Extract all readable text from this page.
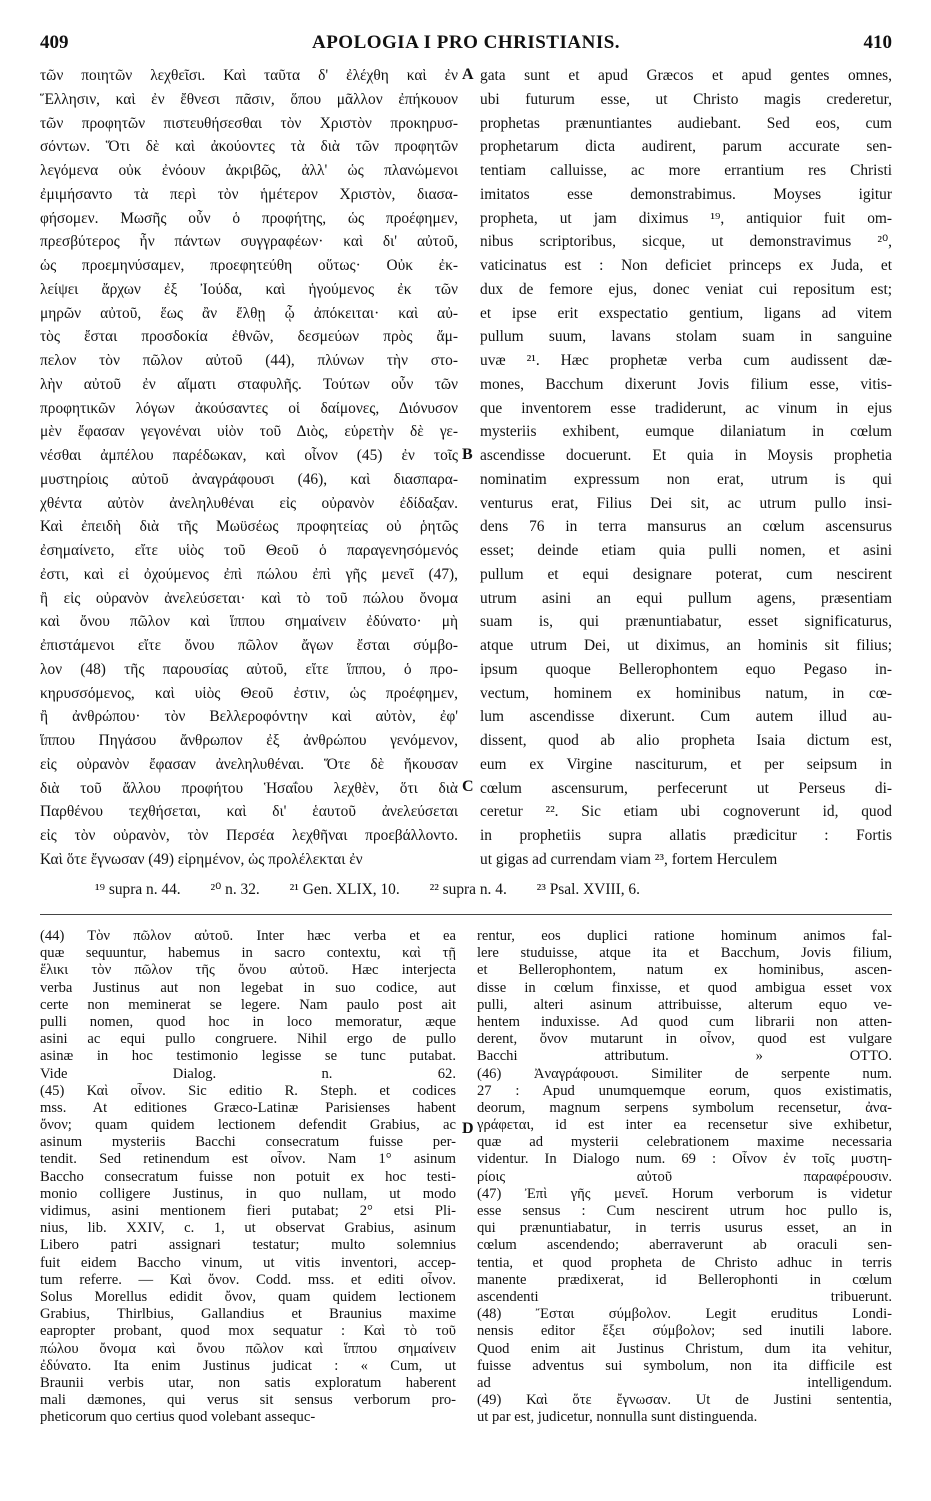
409	APOLOGIA I PRO CHRISTIANIS.	410
τῶν ποιητῶν λεχθεῖσι. Καὶ ταῦτα δ' ἐλέχθη καὶ ἐν
Ἕλλησιν, καὶ ἐν ἔθνεσι πᾶσιν, ὅπου μᾶλλον ἐπήκουον
τῶν προφητῶν πιστευθήσεσθαι τὸν Χριστὸν προκηρυσ-
σόντων. Ὅτι δὲ καὶ ἀκούοντες τὰ διὰ τῶν προφητῶν
λεγόμενα οὐκ ἐνόουν ἀκριβῶς, ἀλλ' ὡς πλανώμενοι
ἐμιμήσαντο τὰ περὶ τὸν ἡμέτερον Χριστὸν, διασα-
φήσομεν. Μωσῆς οὖν ὁ προφήτης, ὡς προέφημεν,
πρεσβύτερος ἦν πάντων συγγραφέων· καὶ δι' αὐτοῦ,
ὡς προεμηνύσαμεν, προεφητεύθη οὕτως· Οὐκ ἐκ-
λείψει ἄρχων ἐξ Ἰούδα, καὶ ἡγούμενος ἐκ τῶν
μηρῶν αὐτοῦ, ἕως ἂν ἔλθῃ ᾧ ἀπόκειται· καὶ αὐ-
τὸς ἔσται προσδοκία ἐθνῶν, δεσμεύων πρὸς ἄμ-
πελον τὸν πῶλον αὐτοῦ (44), πλύνων τὴν στο-
λὴν αὐτοῦ ἐν αἵματι σταφυλῆς. Τούτων οὖν τῶν
προφητικῶν λόγων ἀκούσαντες οἱ δαίμονες, Διόνυσον
μὲν ἔφασαν γεγονέναι υἱὸν τοῦ Διὸς, εὑρετὴν δὲ γε-
νέσθαι ἀμπέλου παρέδωκαν, καὶ οἶνον (45) ἐν τοῖς
μυστηρίοις αὐτοῦ ἀναγράφουσι (46), καὶ διασπαρα-
χθέντα αὐτὸν ἀνεληλυθέναι εἰς οὐρανὸν ἐδίδαξαν.
Καὶ ἐπειδὴ διὰ τῆς Μωϋσέως προφητείας οὐ ῥητῶς
ἐσημαίνετο, εἴτε υἱὸς τοῦ Θεοῦ ὁ παραγενησόμενός
ἐστι, καὶ εἰ ὀχούμενος ἐπὶ πώλου ἐπὶ γῆς μενεῖ (47),
ἢ εἰς οὐρανὸν ἀνελεύσεται· καὶ τὸ τοῦ πώλου ὄνομα
καὶ ὄνου πῶλον καὶ ἵππου σημαίνειν ἐδύνατο· μὴ
ἐπιστάμενοι εἴτε ὄνου πῶλον ἄγων ἔσται σύμβο-
λον (48) τῆς παρουσίας αὐτοῦ, εἴτε ἵππου, ὁ προ-
κηρυσσόμενος, καὶ υἱὸς Θεοῦ ἐστιν, ὡς προέφημεν,
ἢ ἀνθρώπου· τὸν Βελλεροφόντην καὶ αὐτὸν, ἐφ'
ἵππου Πηγάσου ἄνθρωπον ἐξ ἀνθρώπου γενόμενον,
εἰς οὐρανὸν ἔφασαν ἀνεληλυθέναι. Ὅτε δὲ ἤκουσαν
διὰ τοῦ ἄλλου προφήτου Ἡσαΐου λεχθὲν, ὅτι διὰ
Παρθένου τεχθήσεται, καὶ δι' ἑαυτοῦ ἀνελεύσεται
εἰς τὸν οὐρανὸν, τὸν Περσέα λεχθῆναι προεβάλλοντο.
Καὶ ὅτε ἔγνωσαν (49) εἰρημένον, ὡς προλέλεκται ἐν
gata sunt et apud Græcos et apud gentes omnes,
ubi futurum esse, ut Christo magis crederetur,
prophetas prænuntiantes audiebant. Sed eos, cum
prophetarum dicta audirent, parum accurate sen-
tentiam calluisse, ac more errantium res Christi
imitatos esse demonstrabimus. Moyses igitur
propheta, ut jam diximus ¹⁹, antiquior fuit om-
nibus scriptoribus, sicque, ut demonstravimus ²⁰,
vaticinatus est : Non deficiet princeps ex Juda, et
dux de femore ejus, donec veniat cui repositum est;
et ipse erit exspectatio gentium, ligans ad vitem
pullum suum, lavans stolam suam in sanguine
uvæ ²¹. Hæc prophetæ verba cum audissent dæ-
mones, Bacchum dixerunt Jovis filium esse, vitis-
que inventorem esse tradiderunt, ac vinum in ejus
mysteriis exhibent, eumque dilaniatum in cœlum
ascendisse docuerunt. Et quia in Moysis prophetia
nominatim expressum non erat, utrum is qui
venturus erat, Filius Dei sit, ac utrum pullo insi-
dens 76 in terra mansurus an cœlum ascensurus
esset; deinde etiam quia pulli nomen, et asini
pullum et equi designare poterat, cum nescirent
utrum asini an equi pullum agens, præsentiam
suam is, qui prænuntiabatur, esset significaturus,
atque utrum Dei, ut diximus, an hominis sit filius;
ipsum quoque Bellerophontem equo Pegaso in-
vectum, hominem ex hominibus natum, in cœ-
lum ascendisse dixerunt. Cum autem illud au-
dissent, quod ab alio propheta Isaia dictum est,
eum ex Virgine nasciturum, et per seipsum in
cœlum ascensurum, perfecerunt ut Perseus di-
ceretur ²². Sic etiam ubi cognoverunt id, quod
in prophetiis supra allatis prædicitur : Fortis
ut gigas ad currendam viam ²³, fortem Herculem
A
B
C
D
¹⁹ supra n. 44. ²⁰ n. 32. ²¹ Gen. XLIX, 10. ²² supra n. 4. ²³ Psal. XVIII, 6.
(44) Τὸν πῶλον αὐτοῦ. Inter hæc verba et ea
quæ sequuntur, habemus in sacro contextu, καὶ τῇ
ἕλικι τὸν πῶλον τῆς ὄνου αὐτοῦ. Hæc interjecta
verba Justinus aut non legebat in suo codice, aut
certe non meminerat se legere. Nam paulo post ait
pulli nomen, quod hoc in loco memoratur, æque
asini ac equi pullo congruere. Nihil ergo de pullo
asinæ in hoc testimonio legisse se tunc putabat.
Vide Dialog. n. 62.
(45) Καὶ οἶνον. Sic editio R. Steph. et codices
mss. At editiones Græco-Latinæ Parisienses habent
ὄνον; quam quidem lectionem defendit Grabius, ac
asinum mysteriis Bacchi consecratum fuisse per-
tendit. Sed retinendum est οἶνον. Nam 1° asinum
Baccho consecratum fuisse non potuit ex hoc testi-
monio colligere Justinus, in quo nullam, ut modo
vidimus, asini mentionem fieri putabat; 2° etsi Pli-
nius, lib. XXIV, c. 1, ut observat Grabius, asinum
Libero patri assignari testatur; multo solemnius
fuit eidem Baccho vinum, ut vitis inventori, accep-
tum referre. — Καὶ ὄνον. Codd. mss. et editi οἶνον.
Solus Morellus edidit ὄνον, quam quidem lectionem
Grabius, Thirlbius, Gallandius et Braunius maxime
eapropter probant, quod mox sequatur : Καὶ τὸ τοῦ
πώλου ὄνομα καὶ ὄνου πῶλον καὶ ἵππου σημαίνειν
ἐδύνατο. Ita enim Justinus judicat : « Cum, ut
Braunii verbis utar, non satis exploratum haberent
mali dæmones, qui verus sit sensus verborum pro-
pheticorum quo certius quod volebant assequc-
rentur, eos duplici ratione hominum animos fal-
lere studuisse, atque ita et Bacchum, Jovis filium,
et Bellerophontem, natum ex hominibus, ascen-
disse in cœlum finxisse, et quod ambigua esset vox
pulli, alteri asinum attribuisse, alterum equo ve-
hentem induxisse. Ad quod cum librarii non atten-
derent, ὄνον mutarunt in οἶνον, quod est vulgare
Bacchi attributum. » OTTO.
(46) Ἀναγράφουσι. Similiter de serpente num.
27 : Apud unumquemque eorum, quos existimatis,
deorum, magnum serpens symbolum recensetur, ἀνα-
γράφεται, id est inter ea recensetur sive exhibetur,
quæ ad mysterii celebrationem maxime necessaria
videntur. In Dialogo num. 69 : Οἶνον ἐν τοῖς μυστη-
ρίοις αὐτοῦ παραφέρουσιν.
(47) Ἐπὶ γῆς μενεῖ. Horum verborum is videtur
esse sensus : Cum nescirent utrum hoc pullo is,
qui prænuntiabatur, in terris usurus esset, an in
cœlum ascendendo; aberraverunt ab oraculi sen-
tentia, et quod propheta de Christo adhuc in terris
manente prædixerat, id Bellerophonti in cœlum
ascendenti tribuerunt.
(48) Ἔσται σύμβολον. Legit eruditus Londi-
nensis editor ἔξει σύμβολον; sed inutili labore.
Quod enim ait Justinus Christum, dum ita vehitur,
fuisse adventus sui symbolum, non ita difficile est
ad intelligendum.
(49) Καὶ ὅτε ἔγνωσαν. Ut de Justini sententia,
ut par est, judicetur, nonnulla sunt distinguenda.
